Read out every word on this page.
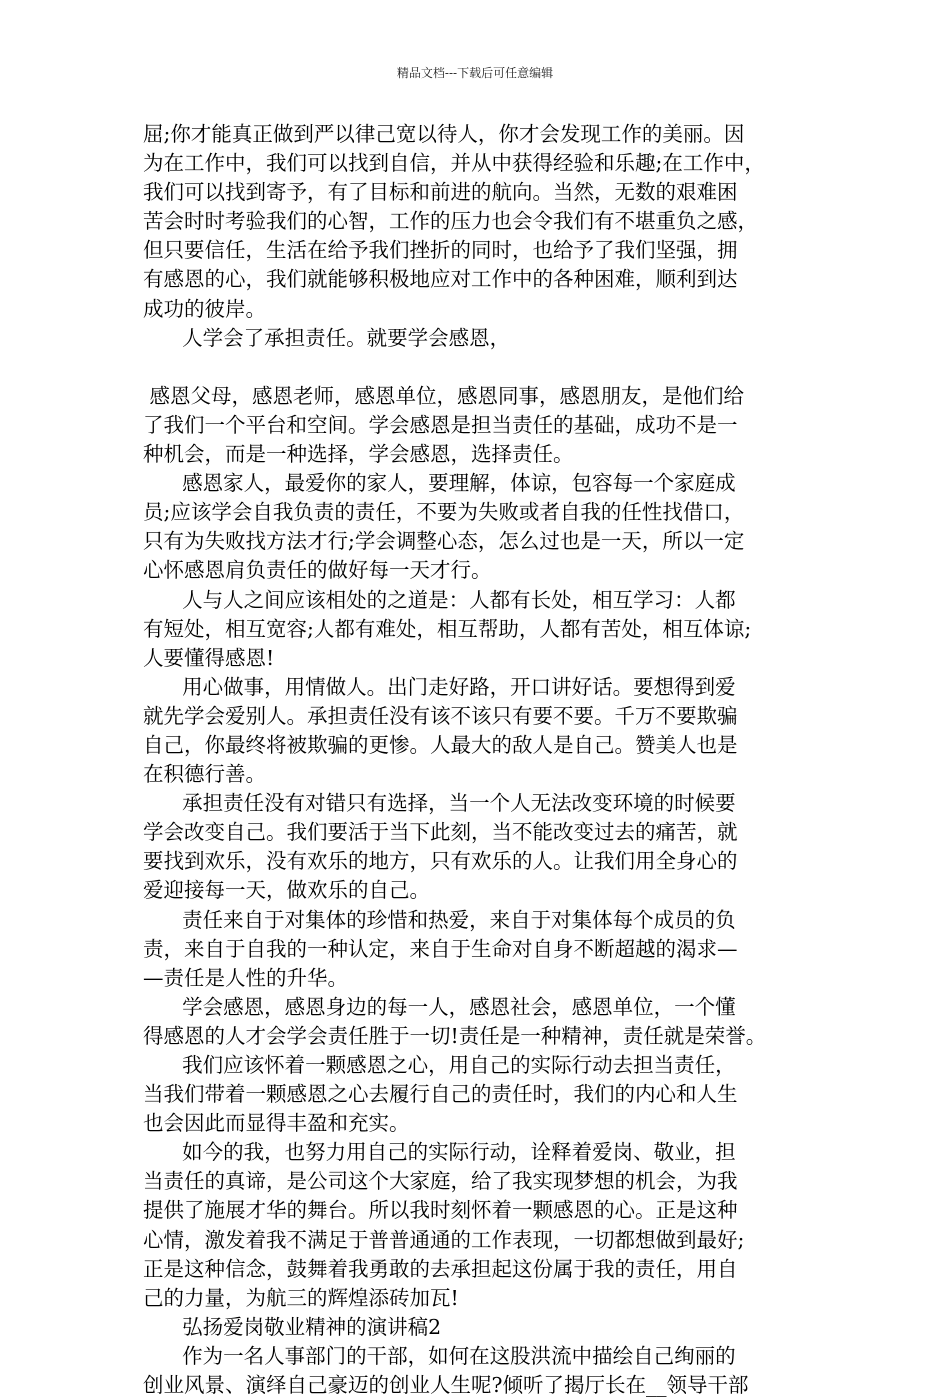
精品文档---下载后可任意编辑
屈;你才能真正做到严以律己宽以待人，你才会发现工作的美丽。因
为在工作中，我们可以找到自信，并从中获得经验和乐趣;在工作中，
我们可以找到寄予，有了目标和前进的航向。当然，无数的艰难困
苦会时时考验我们的心智，工作的压力也会令我们有不堪重负之感，
但只要信任，生活在给予我们挫折的同时，也给予了我们坚强，拥
有感恩的心，我们就能够积极地应对工作中的各种困难，顺利到达
成功的彼岸。
人学会了承担责任。就要学会感恩，
感恩父母，感恩老师，感恩单位，感恩同事，感恩朋友，是他们给
了我们一个平台和空间。学会感恩是担当责任的基础，成功不是一
种机会，而是一种选择，学会感恩，选择责任。
感恩家人，最爱你的家人，要理解，体谅，包容每一个家庭成
员;应该学会自我负责的责任，不要为失败或者自我的任性找借口，
只有为失败找方法才行;学会调整心态，怎么过也是一天，所以一定
心怀感恩肩负责任的做好每一天才行。
人与人之间应该相处的之道是：人都有长处，相互学习：人都
有短处，相互宽容;人都有难处，相互帮助，人都有苦处，相互体谅;
人要懂得感恩!
用心做事，用情做人。出门走好路，开口讲好话。要想得到爱
就先学会爱别人。承担责任没有该不该只有要不要。千万不要欺骗
自己，你最终将被欺骗的更惨。人最大的敌人是自己。赞美人也是
在积德行善。
承担责任没有对错只有选择，当一个人无法改变环境的时候要
学会改变自己。我们要活于当下此刻，当不能改变过去的痛苦，就
要找到欢乐，没有欢乐的地方，只有欢乐的人。让我们用全身心的
爱迎接每一天，做欢乐的自己。
责任来自于对集体的珍惜和热爱，来自于对集体每个成员的负
责，来自于自我的一种认定，来自于生命对自身不断超越的渴求—
—责任是人性的升华。
学会感恩，感恩身边的每一人，感恩社会，感恩单位，一个懂
得感恩的人才会学会责任胜于一切!责任是一种精神，责任就是荣誉。
我们应该怀着一颗感恩之心，用自己的实际行动去担当责任，
当我们带着一颗感恩之心去履行自己的责任时，我们的内心和人生
也会因此而显得丰盈和充实。
如今的我，也努力用自己的实际行动，诠释着爱岗、敬业，担
当责任的真谛，是公司这个大家庭，给了我实现梦想的机会，为我
提供了施展才华的舞台。所以我时刻怀着一颗感恩的心。正是这种
心情，激发着我不满足于普普通通的工作表现，一切都想做到最好;
正是这种信念，鼓舞着我勇敢的去承担起这份属于我的责任，用自
己的力量，为航三的辉煌添砖加瓦!
弘扬爱岗敬业精神的演讲稿2
作为一名人事部门的干部，如何在这股洪流中描绘自己绚丽的
创业风景、演绎自己豪迈的创业人生呢?倾听了揭厅长在__领导干部
